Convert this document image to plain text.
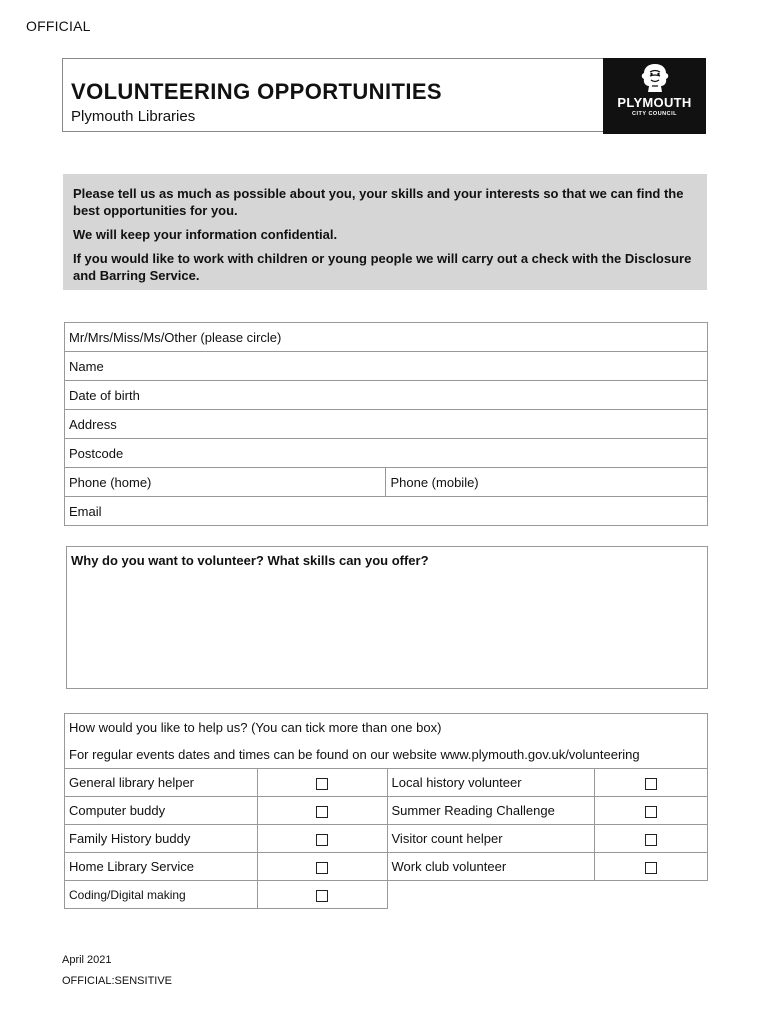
OFFICIAL
VOLUNTEERING OPPORTUNITIES
Plymouth Libraries
PLYMOUTH
CITY COUNCIL

Please tell us as much as possible about you, your skills and your interests so that we can find the best opportunities for you.

We will keep your information confidential.

If you would like to work with children or young people we will carry out a check with the Disclosure and Barring Service.

Mr/Mrs/Miss/Ms/Other (please circle)
Name
Date of birth
Address
Postcode
Phone (home)	Phone (mobile)
Email
Why do you want to volunteer? What skills can you offer?
How would you like to help us? (You can tick more than one box)			
For regular events dates and times can be found on our website www.plymouth.gov.uk/volunteering			
General library helper		Local history volunteer	
Computer buddy		Summer Reading Challenge	
Family History buddy		Visitor count helper	
Home Library Service		Work club volunteer	
Coding/Digital making			
April 2021
OFFICIAL:SENSITIVE
